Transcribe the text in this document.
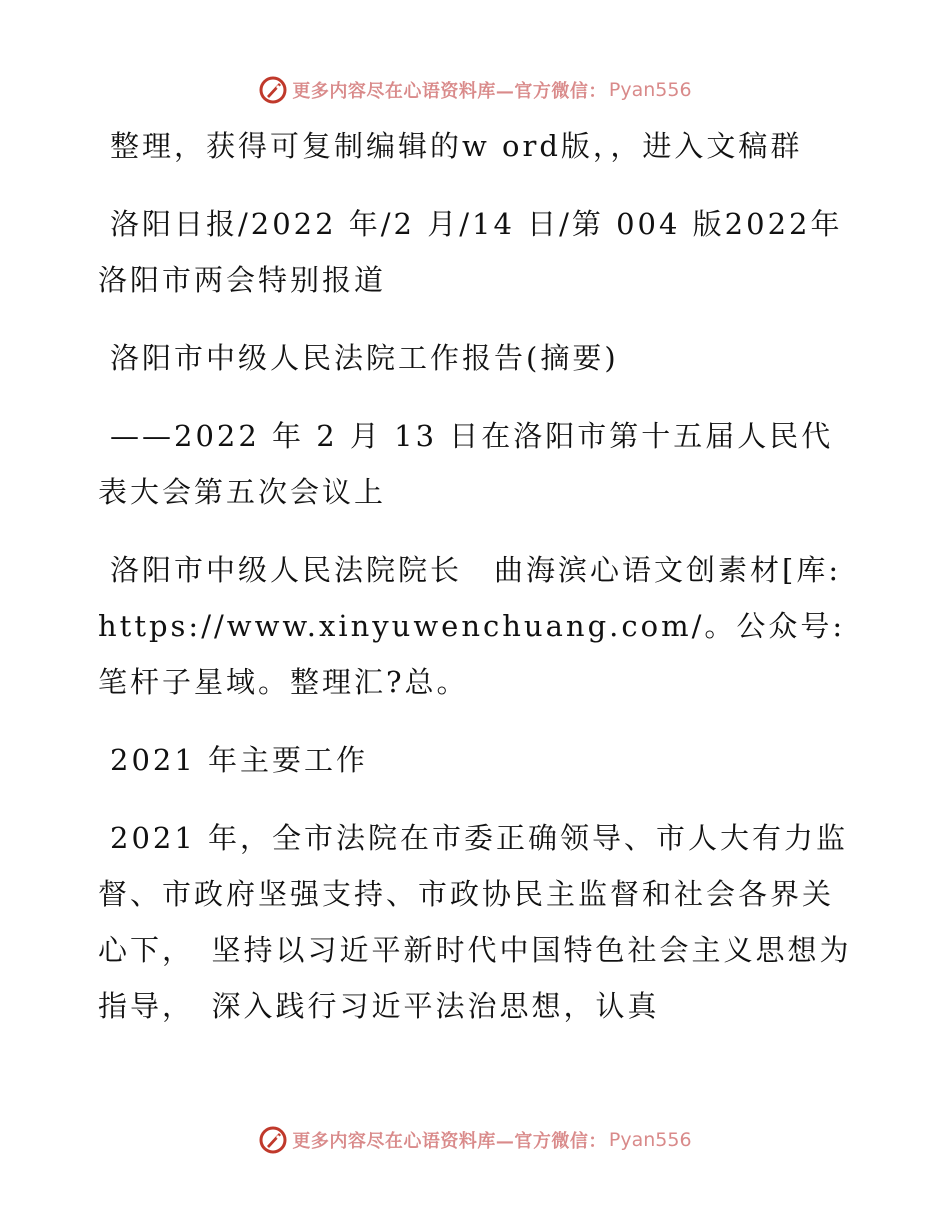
更多内容尽在心语资料库—官方微信： Pyan556

整理，获得可复制编辑的w ord版，，进入文稿群

洛阳日报/2022 年/2 月/14 日/第 004 版2022年洛阳市两会特别报道

洛阳市中级人民法院工作报告(摘要)

——2022 年 2 月 13 日在洛阳市第十五届人民代表大会第五次会议上

洛阳市中级人民法院院长　曲海滨心语文创素材[库: https://www.xinyuwenchuang.com/。公众号: 笔杆子星域。整理汇?总。

2021 年主要工作

2021 年，全市法院在市委正确领导、市人大有力监督、市政府坚强支持、市政协民主监督和社会各界关心下，　坚持以习近平新时代中国特色社会主义思想为指导，　深入践行习近平法治思想，认真

更多内容尽在心语资料库—官方微信： Pyan556
